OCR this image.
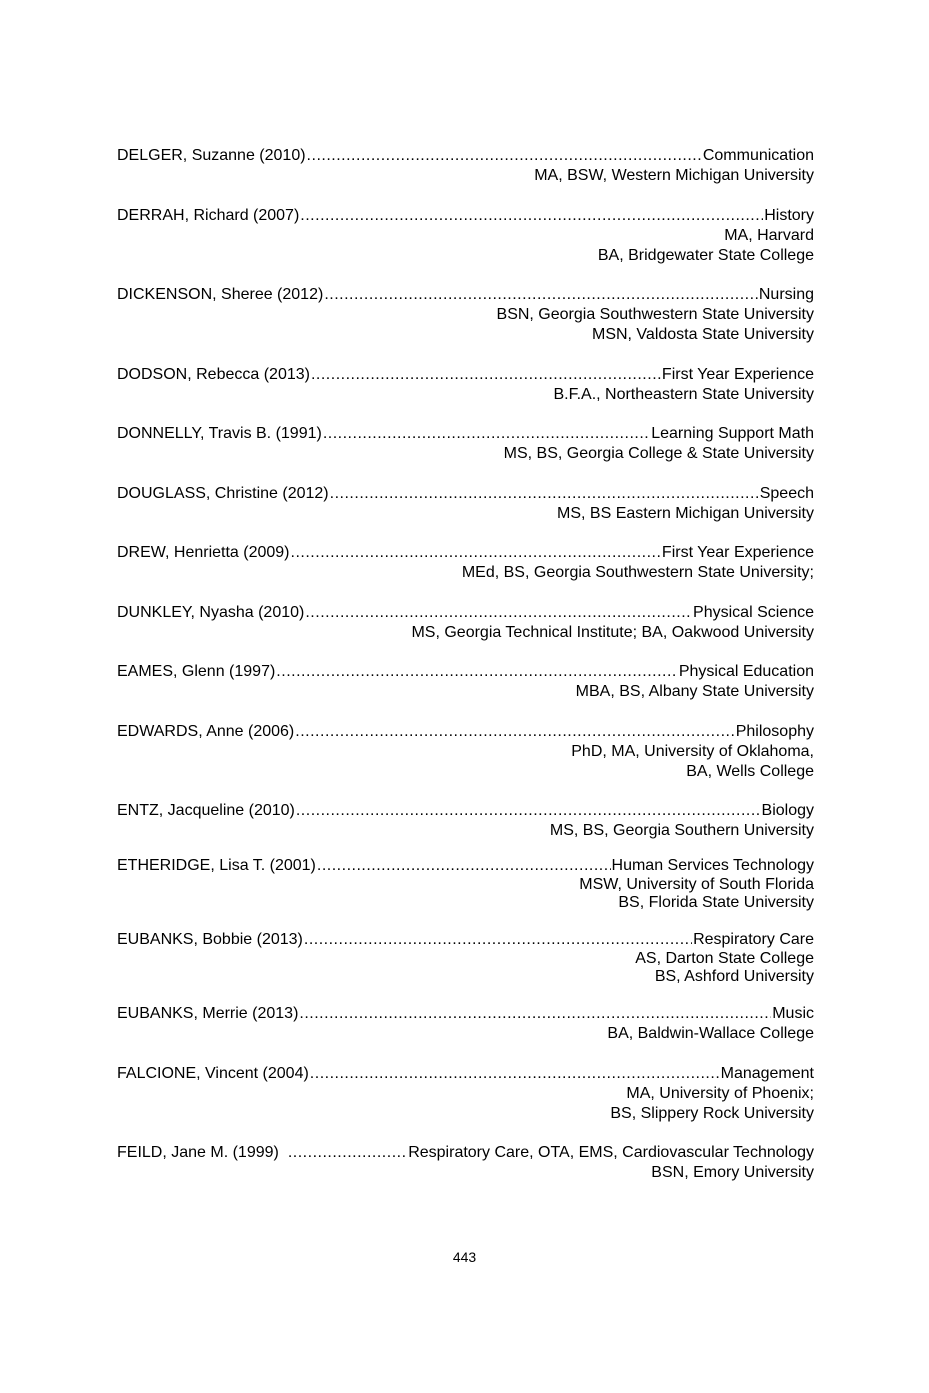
DELGER, Suzanne (2010) .....	Communication
MA, BSW, Western Michigan University
DERRAH, Richard (2007) .....	History
MA, Harvard
BA, Bridgewater State College
DICKENSON, Sheree (2012) .....	Nursing
BSN, Georgia Southwestern State University
MSN, Valdosta State University
DODSON, Rebecca (2013) .....	First Year Experience
B.F.A., Northeastern State University
DONNELLY, Travis B. (1991) .....	Learning Support Math
MS, BS, Georgia College & State University
DOUGLASS, Christine (2012) .....	Speech
MS, BS Eastern Michigan University
DREW, Henrietta (2009) .....	First Year Experience
MEd, BS, Georgia Southwestern State University;
DUNKLEY, Nyasha (2010) .....	Physical Science
MS, Georgia Technical Institute; BA, Oakwood University
EAMES, Glenn (1997) .....	Physical Education
MBA, BS, Albany State University
EDWARDS, Anne (2006) .....	Philosophy
PhD, MA, University of Oklahoma,
BA, Wells College
ENTZ, Jacqueline (2010) .....	Biology
MS, BS, Georgia Southern University
ETHERIDGE, Lisa T. (2001) .....	Human Services Technology
MSW, University of South Florida
BS, Florida State University
EUBANKS, Bobbie (2013) .....	Respiratory Care
AS, Darton State College
BS, Ashford University
EUBANKS, Merrie (2013) .....	Music
BA, Baldwin-Wallace College
FALCIONE, Vincent (2004) .....	Management
MA, University of Phoenix;
BS, Slippery Rock University
FEILD, Jane M. (1999) .....	Respiratory Care, OTA, EMS, Cardiovascular Technology
BSN, Emory University
443
